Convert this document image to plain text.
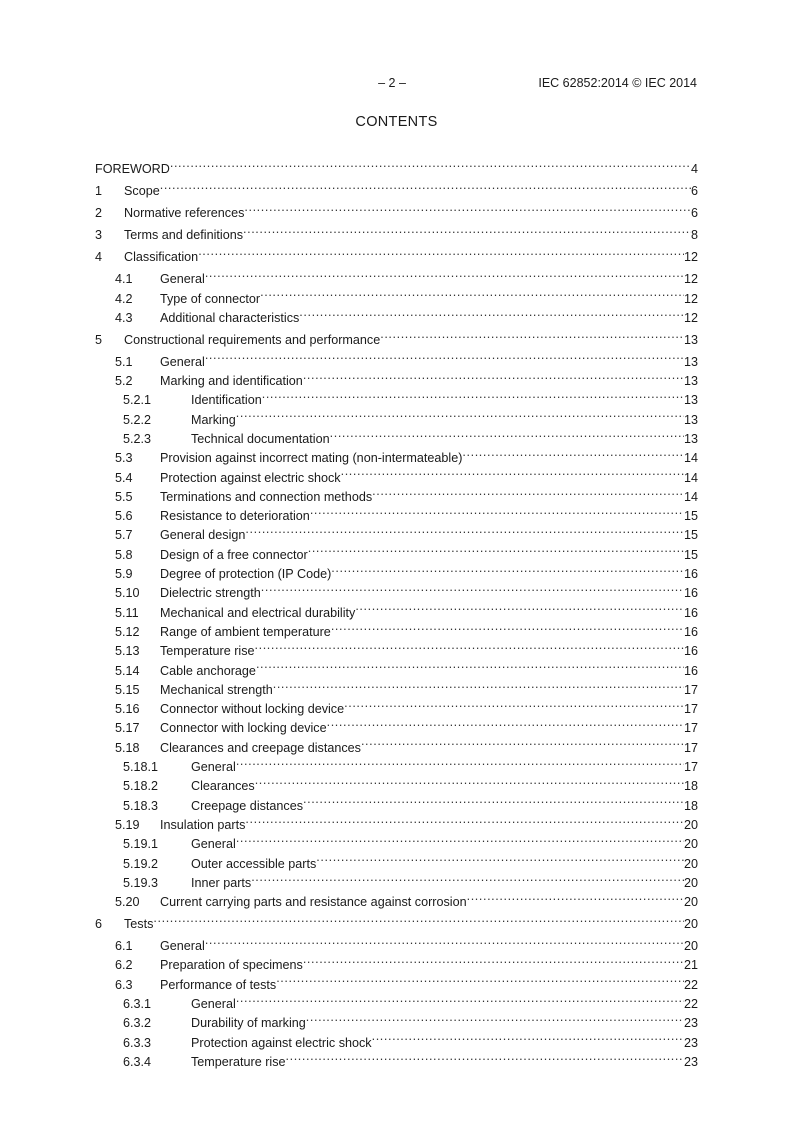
– 2 –	IEC 62852:2014 © IEC 2014
CONTENTS
FOREWORD .....	4
1	Scope .....	6
2	Normative references .....	6
3	Terms and definitions .....	8
4	Classification .....	12
4.1	General .....	12
4.2	Type of connector .....	12
4.3	Additional characteristics .....	12
5	Constructional requirements and performance .....	13
5.1	General .....	13
5.2	Marking and identification .....	13
5.2.1	Identification .....	13
5.2.2	Marking .....	13
5.2.3	Technical documentation .....	13
5.3	Provision against incorrect mating (non-intermateable) .....	14
5.4	Protection against electric shock .....	14
5.5	Terminations and connection methods .....	14
5.6	Resistance to deterioration .....	15
5.7	General design .....	15
5.8	Design of a free connector .....	15
5.9	Degree of protection (IP Code) .....	16
5.10	Dielectric strength .....	16
5.11	Mechanical and electrical durability .....	16
5.12	Range of ambient temperature .....	16
5.13	Temperature rise .....	16
5.14	Cable anchorage .....	16
5.15	Mechanical strength .....	17
5.16	Connector without locking device .....	17
5.17	Connector with locking device .....	17
5.18	Clearances and creepage distances .....	17
5.18.1	General .....	17
5.18.2	Clearances .....	18
5.18.3	Creepage distances .....	18
5.19	Insulation parts .....	20
5.19.1	General .....	20
5.19.2	Outer accessible parts .....	20
5.19.3	Inner parts .....	20
5.20	Current carrying parts and resistance against corrosion .....	20
6	Tests .....	20
6.1	General .....	20
6.2	Preparation of specimens .....	21
6.3	Performance of tests .....	22
6.3.1	General .....	22
6.3.2	Durability of marking .....	23
6.3.3	Protection against electric shock .....	23
6.3.4	Temperature rise .....	23
